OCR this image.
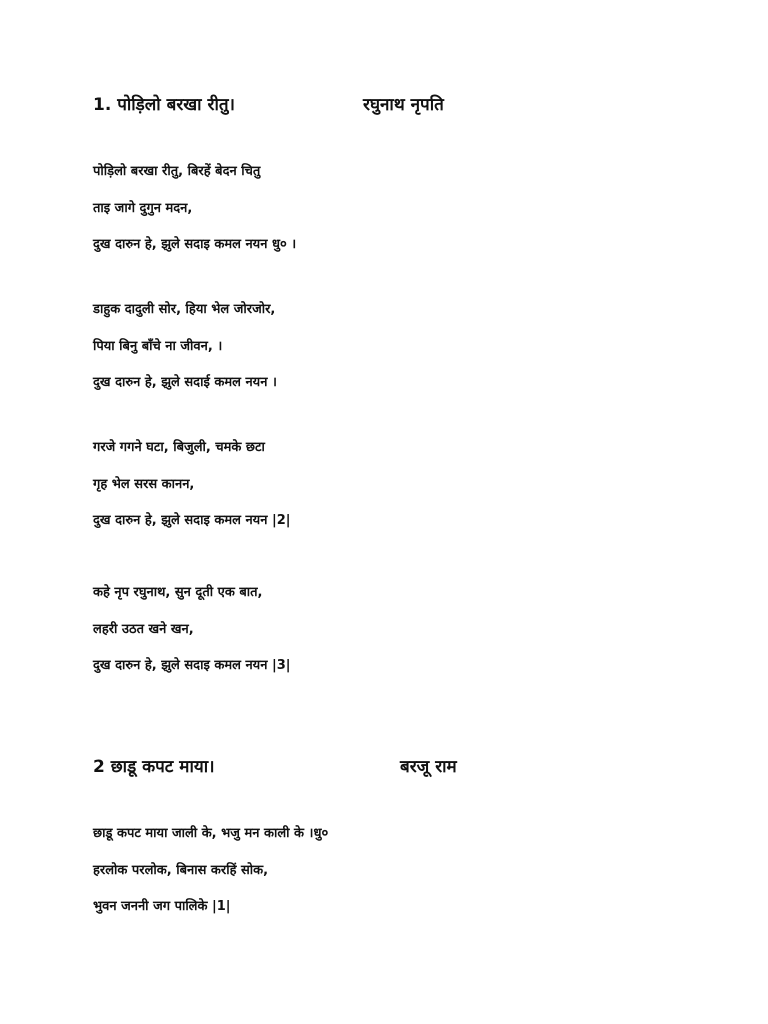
1. पोड़िलो बरखा रीतु।	रघुनाथ नृपति
पोड़िलो बरखा रीतु, बिरहें बेदन चितु
ताइ जागे दुगुन मदन,
दुख दारुन हे, झुले सदाइ कमल नयन धु० ।
डाहुक दादुली सोर, हिया भेल जोरजोर,
पिया बिनु बाँचे ना जीवन, ।
दुख दारुन हे, झुले सदाई कमल नयन ।
गरजे गगने घटा, बिजुली, चमके छटा
गृह भेल सरस कानन,
दुख दारुन हे, झुले सदाइ कमल नयन |2|
कहे नृप रघुनाथ, सुन दूती एक बात,
लहरी उठत खने खन,
दुख दारुन हे, झुले सदाइ कमल नयन |3|
2 छाडू कपट माया।	बरजू राम
छाडू कपट माया जाली के, भजु मन काली के ।धु०
हरलोक परलोक, बिनास करहिं सोक,
भुवन जननी जग पालिके |1|
